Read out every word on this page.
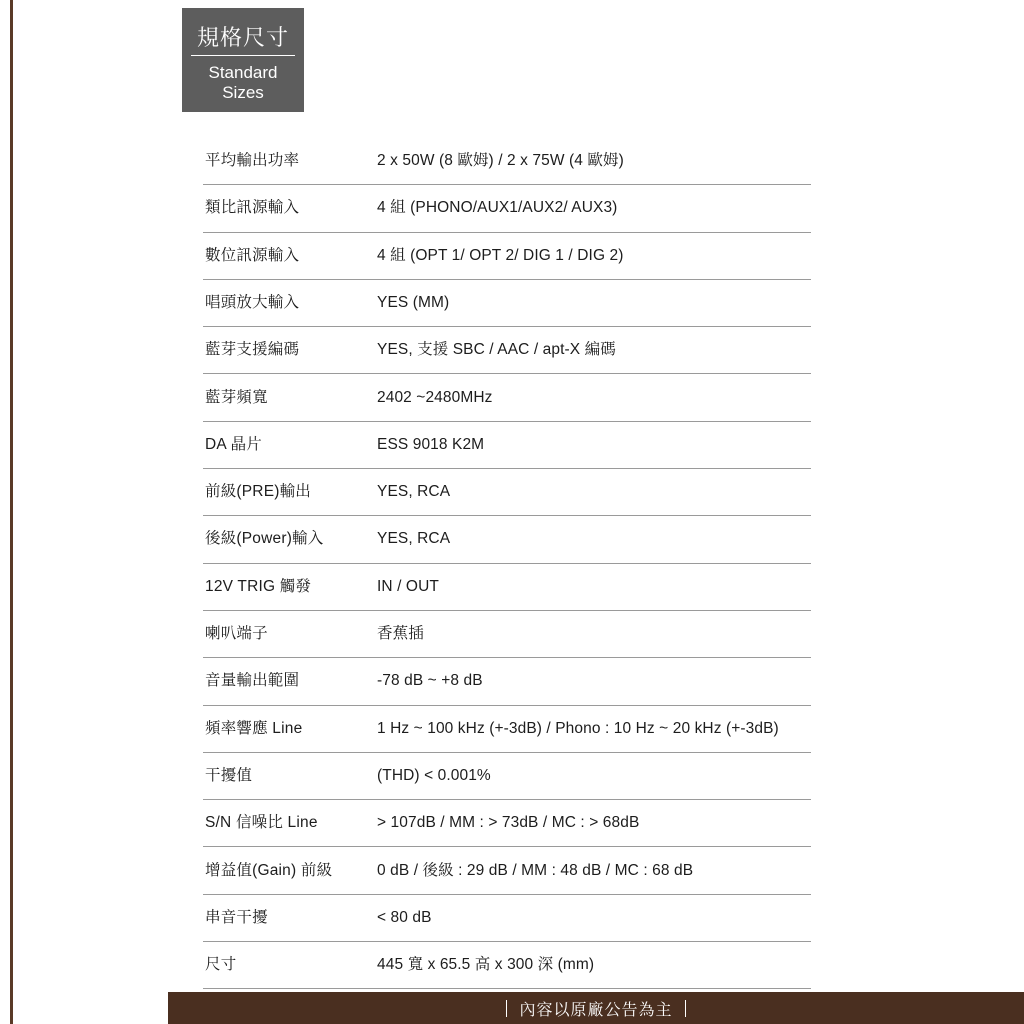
規格尺寸
Standard
Sizes
平均輸出功率	2 x 50W (8 歐姆) / 2 x 75W (4 歐姆)
類比訊源輸入	4 組 (PHONO/AUX1/AUX2/ AUX3)
數位訊源輸入	4 組 (OPT 1/ OPT 2/ DIG 1 / DIG 2)
唱頭放大輸入	YES (MM)
藍芽支援編碼	YES, 支援 SBC / AAC / apt-X 編碼
藍芽頻寬	2402 ~2480MHz
DA 晶片	ESS 9018 K2M
前級(PRE)輸出	YES, RCA
後級(Power)輸入	YES, RCA
12V TRIG 觸發	IN / OUT
喇叭端子	香蕉插
音量輸出範圍	-78 dB ~ +8 dB
頻率響應 Line	1 Hz ~ 100 kHz (+-3dB) / Phono : 10 Hz ~ 20 kHz (+-3dB)
干擾值	(THD) < 0.001%
S/N 信噪比 Line	> 107dB / MM : > 73dB / MC : > 68dB
增益值(Gain) 前級	0 dB / 後級 : 29 dB / MM : 48 dB / MC : 68 dB
串音干擾	< 80 dB
尺寸	445 寬 x 65.5 高 x 300 深 (mm)
內容以原廠公告為主
